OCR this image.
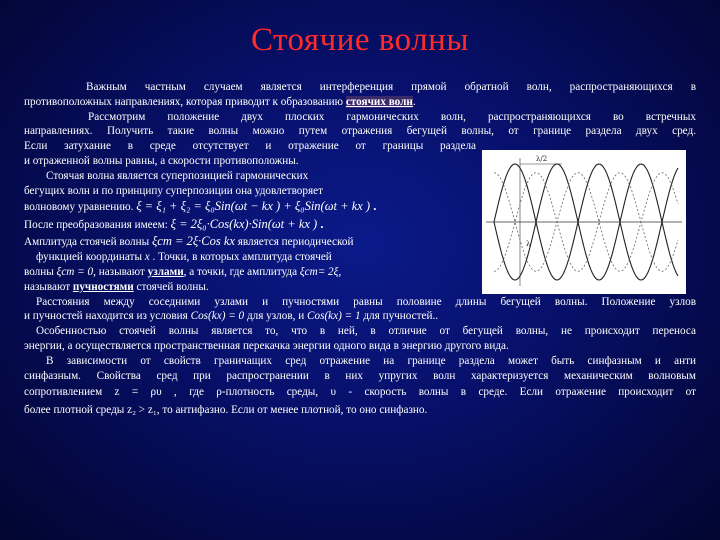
Стоячие волны

Важным частным случаем является интерференция прямой обратной волн, распространяющихся в

противоположных направлениях, которая приводит к образованию стоячих волн.

Рассмотрим положение двух плоских гармонических волн, распространяющихся во встречных

направлениях. Получить такие волны можно путем отражения бегущей волны, от границе раздела двух сред.

Если затухание в среде отсутствует и отражение от границы раздела

и отраженной волны равны, а скорости противоположны.

Стоячая волна является суперпозицией гармонических

бегущих волн и по принципу суперпозиции она удовлетворяет

волновому уравнению. ξ = ξ₁ + ξ₂ = ξ₀Sin(ωt − kx ) + ξ₀Sin(ωt + kx ) .

После преобразования имеем: ξ = 2ξ₀·Cos(kx)·Sin(ωt + kx ) .

Амплитуда стоячей волны ξст = 2ξ·Cos kx является периодической

функцией координаты x . Точки, в которых амплитуда стоячей

волны ξст = 0, называют узлами, а точки, где амплитуда ξст= 2ξ,

называют пучностями стоячей волны.

Расстояния между соседними узлами и пучностями равны половине длины бегущей волны. Положение узлов

и пучностей находится из условия Cos(kx) = 0 для узлов, и Cos(kx) = 1 для пучностей..

Особенностью стоячей волны является то, что в ней, в отличие от бегущей волны, не происходит переноса

энергии, а осуществляется пространственная перекачка энергии одного вида в энергию другого вида.

В зависимости от свойств граничащих сред отражение на границе раздела может быть синфазным и анти

синфазным. Свойства сред при распространении в них упругих волн характеризуется механическим волновым

сопротивлением z = ρυ , где ρ-плотность среды, υ - скорость волны в среде. Если отражение происходит от

более плотной среды z₂ > z₁, то антифазно. Если от менее плотной, то оно синфазно.

λ/2
λ
